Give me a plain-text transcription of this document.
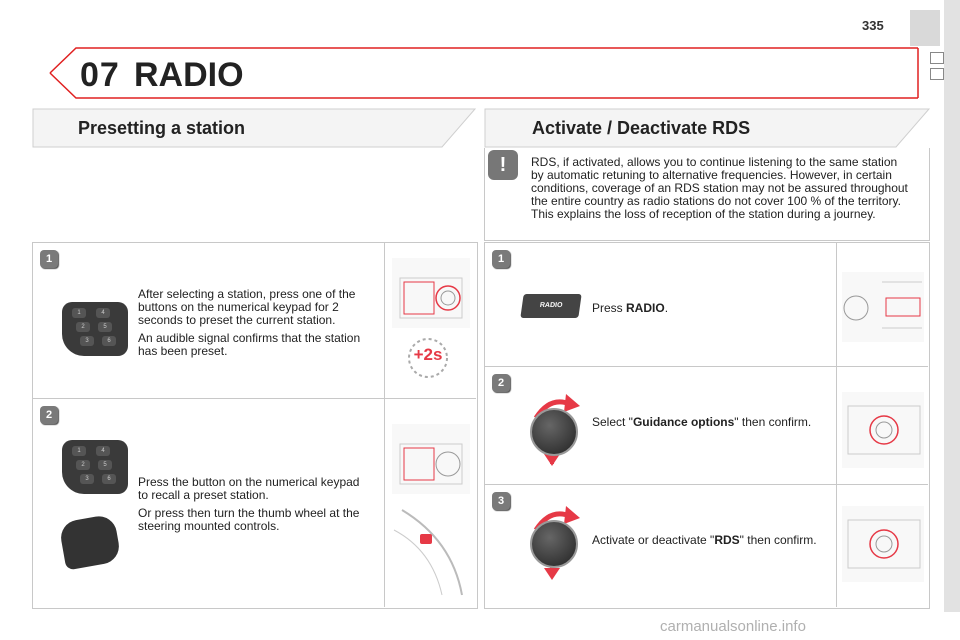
335
07 RADIO
Presetting a station	Activate / Deactivate RDS
!	RDS, if activated, allows you to continue listening to the same station by automatic retuning to alternative frequencies. However, in certain conditions, coverage of an RDS station may not be assured throughout the entire country as radio stations do not cover 100 % of the territory. This explains the loss of reception of the station during a journey.
1
1	4
2	5
3	6

After selecting a station, press one of the buttons on the numerical keypad for 2 seconds to preset the current station.

An audible signal confirms that the station has been preset.	+2s
2
1	4
2	5
3	6	Press the button on the numerical keypad to recall a preset station.

Or press then turn the thumb wheel at the steering mounted controls.

1
RADIO	Press RADIO.
2
Select "Guidance options" then confirm.
3
Activate or deactivate "RDS" then confirm.
carmanualsonline.info
